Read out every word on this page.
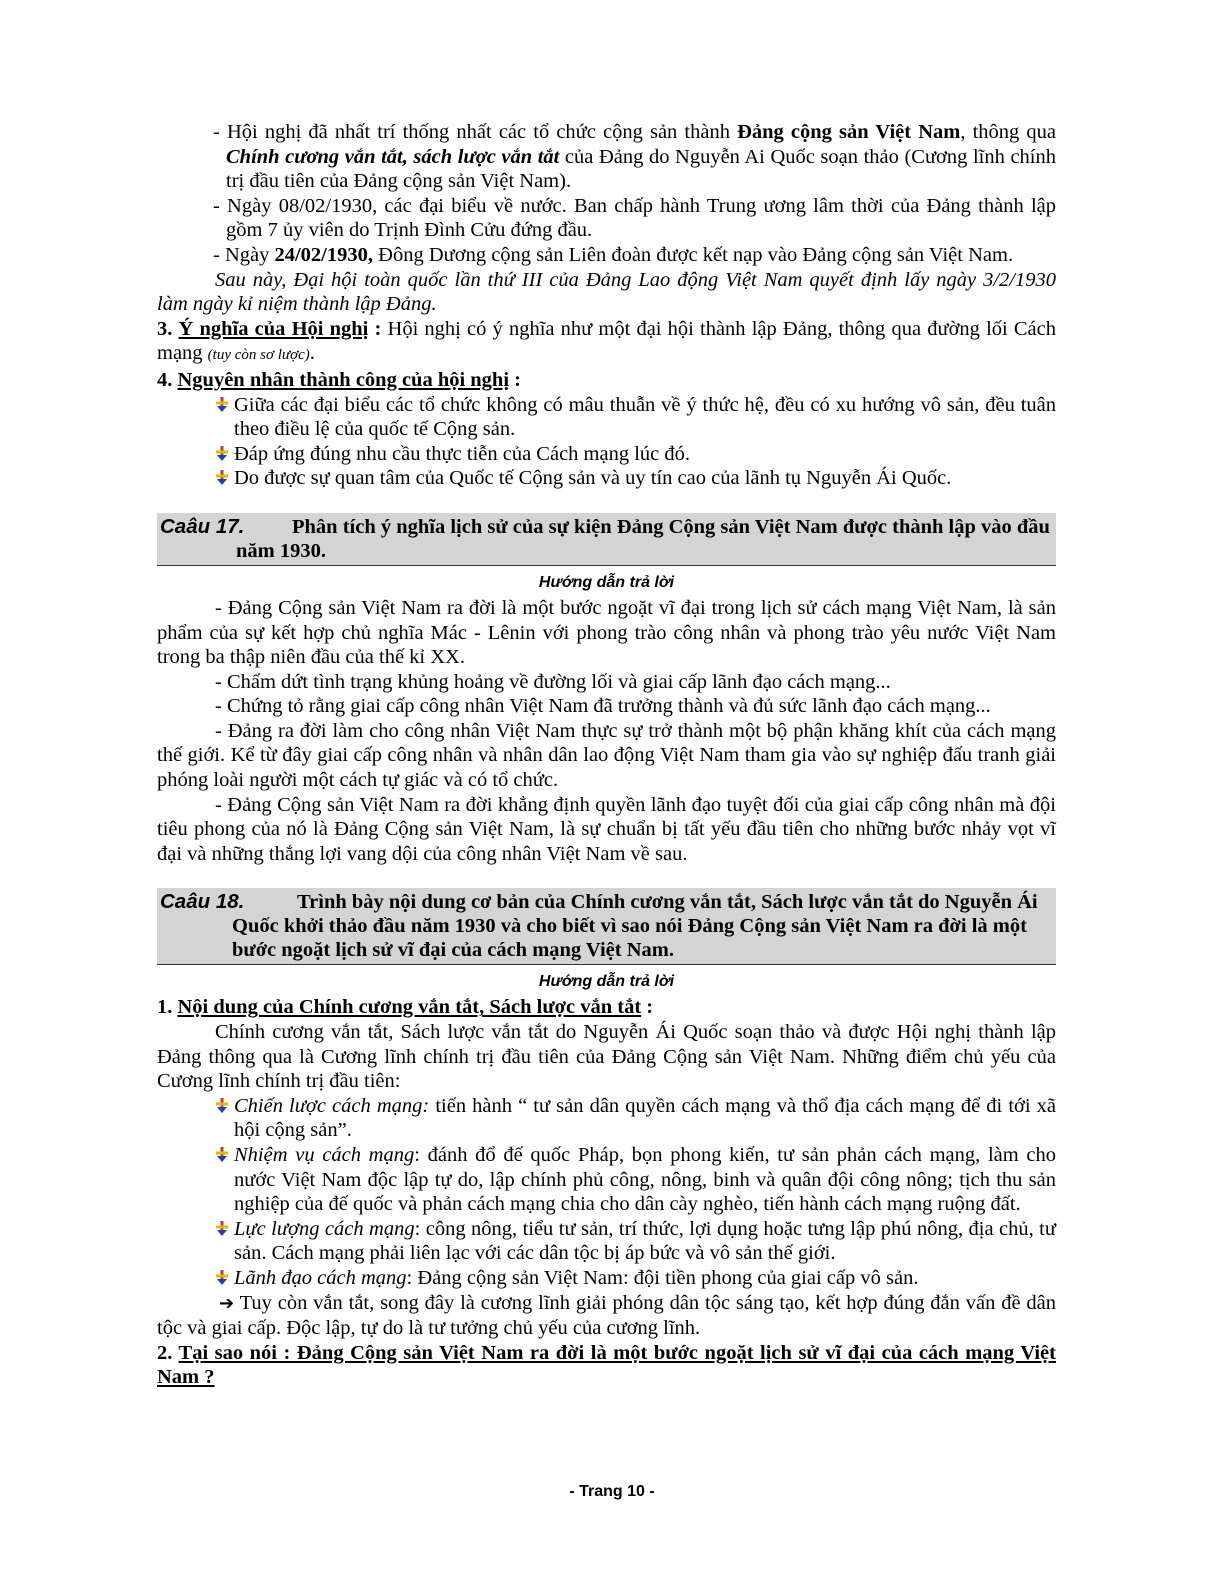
- Hội nghị đã nhất trí thống nhất các tổ chức cộng sản thành Đảng cộng sản Việt Nam, thông qua Chính cương vắn tắt, sách lược vắn tắt của Đảng do Nguyễn Ai Quốc soạn thảo (Cương lĩnh chính trị đầu tiên của Đảng cộng sản Việt Nam).

- Ngày 08/02/1930, các đại biểu về nước. Ban chấp hành Trung ương lâm thời của Đảng thành lập gồm 7 ủy viên do Trịnh Đình Cửu đứng đầu.

- Ngày 24/02/1930, Đông Dương cộng sản Liên đoàn được kết nạp vào Đảng cộng sản Việt Nam.

Sau này, Đại hội toàn quốc lần thứ III của Đảng Lao động Việt Nam quyết định lấy ngày 3/2/1930 làm ngày kỉ niệm thành lập Đảng.

3. Ý nghĩa của Hội nghị : Hội nghị có ý nghĩa như một đại hội thành lập Đảng, thông qua đường lối Cách mạng (tuy còn sơ lược).

4. Nguyên nhân thành công của hội nghị :

Giữa các đại biểu các tổ chức không có mâu thuẫn về ý thức hệ, đều có xu hướng vô sản, đều tuân theo điều lệ của quốc tế Cộng sản.

Đáp ứng đúng nhu cầu thực tiễn của Cách mạng lúc đó.

Do được sự quan tâm của Quốc tế Cộng sản và uy tín cao của lãnh tụ Nguyễn Ái Quốc.

Caâu 17.	Phân tích ý nghĩa lịch sử của sự kiện Đảng Cộng sản Việt Nam được thành lập vào đầu năm 1930.
Hướng dẫn trả lời

- Đảng Cộng sản Việt Nam ra đời là một bước ngoặt vĩ đại trong lịch sử cách mạng Việt Nam, là sản phẩm của sự kết hợp chủ nghĩa Mác - Lênin với phong trào công nhân và phong trào yêu nước Việt Nam trong ba thập niên đầu của thế kỉ XX.

- Chấm dứt tình trạng khủng hoảng về đường lối và giai cấp lãnh đạo cách mạng...

- Chứng tỏ rằng giai cấp công nhân Việt Nam đã trưởng thành và đủ sức lãnh đạo cách mạng...

- Đảng ra đời làm cho công nhân Việt Nam thực sự trở thành một bộ phận khăng khít của cách mạng thế giới. Kể từ đây giai cấp công nhân và nhân dân lao động Việt Nam tham gia vào sự nghiệp đấu tranh giải phóng loài người một cách tự giác và có tổ chức.

- Đảng Cộng sản Việt Nam ra đời khẳng định quyền lãnh đạo tuyệt đối của giai cấp công nhân mà đội tiêu phong của nó là Đảng Cộng sản Việt Nam, là sự chuẩn bị tất yếu đầu tiên cho những bước nhảy vọt vĩ đại và những thắng lợi vang dội của công nhân Việt Nam về sau.

Caâu 18.	Trình bày nội dung cơ bản của Chính cương vắn tắt, Sách lược vắn tắt do Nguyễn Ái Quốc khởi thảo đầu năm 1930 và cho biết vì sao nói Đảng Cộng sản Việt Nam ra đời là một bước ngoặt lịch sử vĩ đại của cách mạng Việt Nam.
Hướng dẫn trả lời

1. Nội dung của Chính cương vắn tắt, Sách lược vắn tắt :

Chính cương vắn tắt, Sách lược vắn tắt do Nguyễn Ái Quốc soạn thảo và được Hội nghị thành lập Đảng thông qua là Cương lĩnh chính trị đầu tiên của Đảng Cộng sản Việt Nam. Những điểm chủ yếu của Cương lĩnh chính trị đầu tiên:

Chiến lược cách mạng: tiến hành “ tư sản dân quyền cách mạng và thổ địa cách mạng để đi tới xã hội cộng sản”.

Nhiệm vụ cách mạng: đánh đổ đế quốc Pháp, bọn phong kiến, tư sản phản cách mạng, làm cho nước Việt Nam độc lập tự do, lập chính phủ công, nông, binh và quân đội công nông; tịch thu sản nghiệp của đế quốc và phản cách mạng chia cho dân cày nghèo, tiến hành cách mạng ruộng đất.

Lực lượng cách mạng: công nông, tiểu tư sản, trí thức, lợi dụng hoặc tưng lập phú nông, địa chủ, tư sản. Cách mạng phải liên lạc với các dân tộc bị áp bức và vô sản thế giới.

Lãnh đạo cách mạng: Đảng cộng sản Việt Nam: đội tiền phong của giai cấp vô sản.

➔ Tuy còn vắn tắt, song đây là cương lĩnh giải phóng dân tộc sáng tạo, kết hợp đúng đắn vấn đề dân tộc và giai cấp. Độc lập, tự do là tư tưởng chủ yếu của cương lĩnh.

2. Tại sao nói : Đảng Cộng sản Việt Nam ra đời là một bước ngoặt lịch sử vĩ đại của cách mạng Việt Nam ?

- Trang 10 -
